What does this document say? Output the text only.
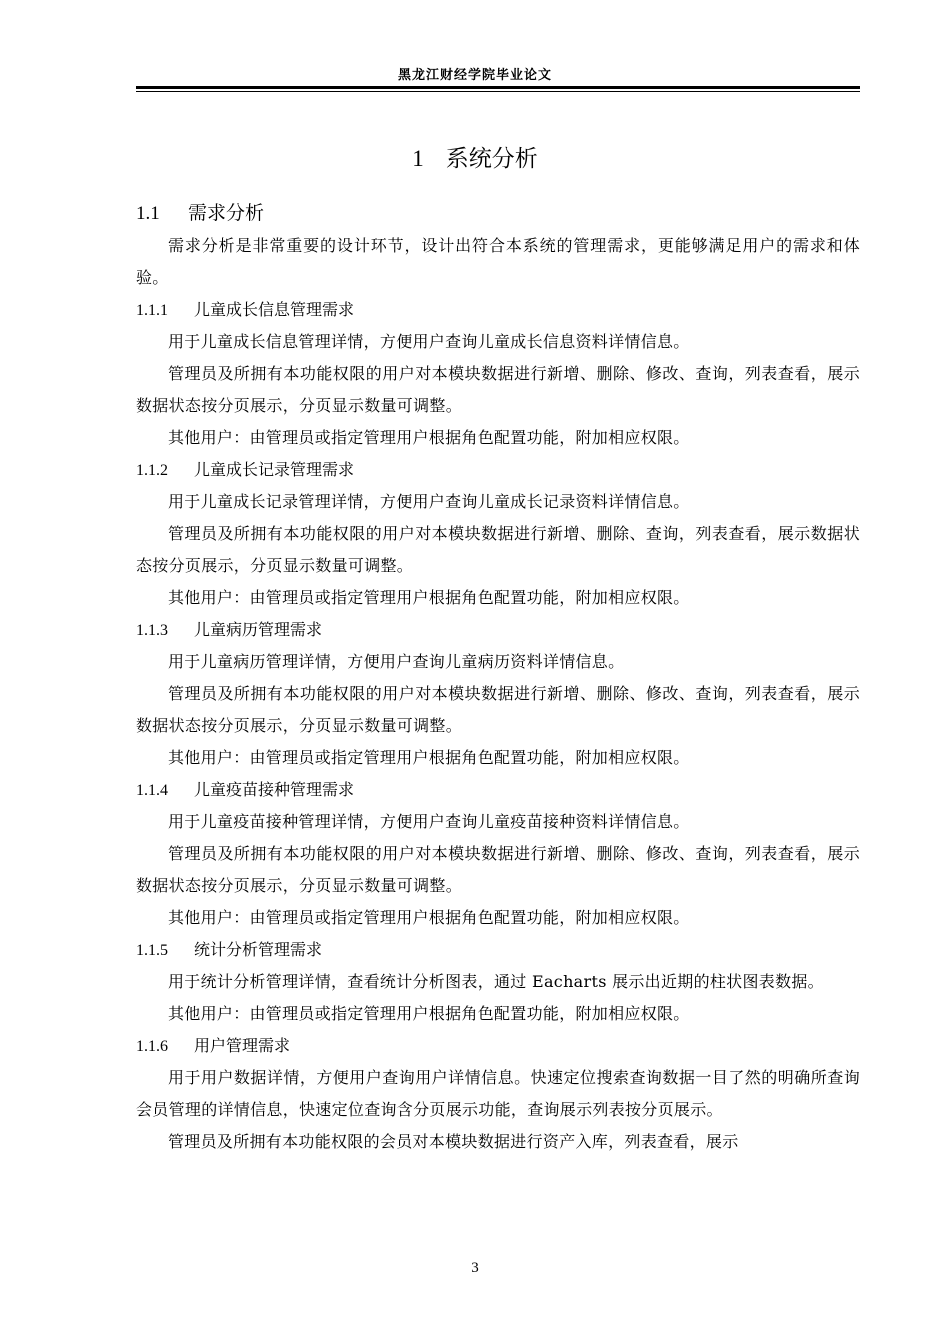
黑龙江财经学院毕业论文
1 系统分析
1.1 需求分析
需求分析是非常重要的设计环节，设计出符合本系统的管理需求，更能够满足用户的需求和体验。
1.1.1 儿童成长信息管理需求
用于儿童成长信息管理详情，方便用户查询儿童成长信息资料详情信息。
管理员及所拥有本功能权限的用户对本模块数据进行新增、删除、修改、查询，列表查看，展示数据状态按分页展示，分页显示数量可调整。
其他用户：由管理员或指定管理用户根据角色配置功能，附加相应权限。
1.1.2 儿童成长记录管理需求
用于儿童成长记录管理详情，方便用户查询儿童成长记录资料详情信息。
管理员及所拥有本功能权限的用户对本模块数据进行新增、删除、查询，列表查看，展示数据状态按分页展示，分页显示数量可调整。
其他用户：由管理员或指定管理用户根据角色配置功能，附加相应权限。
1.1.3 儿童病历管理需求
用于儿童病历管理详情，方便用户查询儿童病历资料详情信息。
管理员及所拥有本功能权限的用户对本模块数据进行新增、删除、修改、查询，列表查看，展示数据状态按分页展示，分页显示数量可调整。
其他用户：由管理员或指定管理用户根据角色配置功能，附加相应权限。
1.1.4 儿童疫苗接种管理需求
用于儿童疫苗接种管理详情，方便用户查询儿童疫苗接种资料详情信息。
管理员及所拥有本功能权限的用户对本模块数据进行新增、删除、修改、查询，列表查看，展示数据状态按分页展示，分页显示数量可调整。
其他用户：由管理员或指定管理用户根据角色配置功能，附加相应权限。
1.1.5 统计分析管理需求
用于统计分析管理详情，查看统计分析图表，通过 Eacharts 展示出近期的柱状图表数据。
其他用户：由管理员或指定管理用户根据角色配置功能，附加相应权限。
1.1.6 用户管理需求
用于用户数据详情，方便用户查询用户详情信息。快速定位搜索查询数据一目了然的明确所查询会员管理的详情信息，快速定位查询含分页展示功能，查询展示列表按分页展示。
管理员及所拥有本功能权限的会员对本模块数据进行资产入库，列表查看，展示
3
